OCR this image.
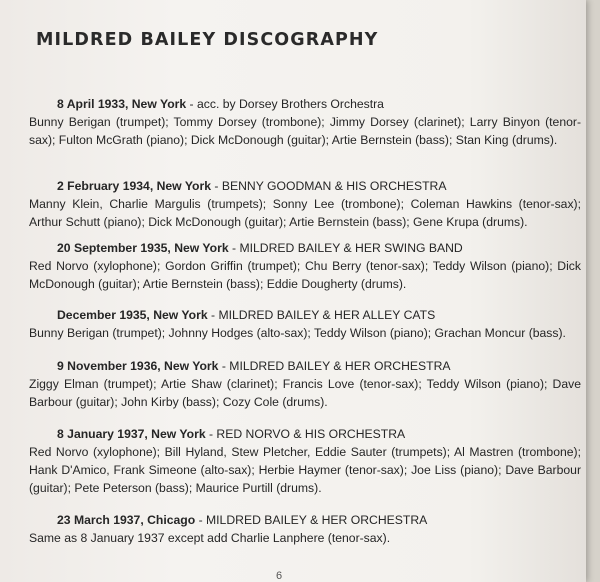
MILDRED BAILEY DISCOGRAPHY
8 April 1933, New York - acc. by Dorsey Brothers Orchestra
Bunny Berigan (trumpet); Tommy Dorsey (trombone); Jimmy Dorsey (clarinet); Larry Binyon (tenor-sax); Fulton McGrath (piano); Dick McDonough (guitar); Artie Bernstein (bass); Stan King (drums).
2 February 1934, New York - BENNY GOODMAN & HIS ORCHESTRA
Manny Klein, Charlie Margulis (trumpets); Sonny Lee (trombone); Coleman Hawkins (tenor-sax); Arthur Schutt (piano); Dick McDonough (guitar); Artie Bernstein (bass); Gene Krupa (drums).
20 September 1935, New York - MILDRED BAILEY & HER SWING BAND
Red Norvo (xylophone); Gordon Griffin (trumpet); Chu Berry (tenor-sax); Teddy Wilson (piano); Dick McDonough (guitar); Artie Bernstein (bass); Eddie Dougherty (drums).
December 1935, New York - MILDRED BAILEY & HER ALLEY CATS
Bunny Berigan (trumpet); Johnny Hodges (alto-sax); Teddy Wilson (piano); Grachan Moncur (bass).
9 November 1936, New York - MILDRED BAILEY & HER ORCHESTRA
Ziggy Elman (trumpet); Artie Shaw (clarinet); Francis Love (tenor-sax); Teddy Wilson (piano); Dave Barbour (guitar); John Kirby (bass); Cozy Cole (drums).
8 January 1937, New York - RED NORVO & HIS ORCHESTRA
Red Norvo (xylophone); Bill Hyland, Stew Pletcher, Eddie Sauter (trumpets); Al Mastren (trombone); Hank D'Amico, Frank Simeone (alto-sax); Herbie Haymer (tenor-sax); Joe Liss (piano); Dave Barbour (guitar); Pete Peterson (bass); Maurice Purtill (drums).
23 March 1937, Chicago - MILDRED BAILEY & HER ORCHESTRA
Same as 8 January 1937 except add Charlie Lanphere (tenor-sax).
6
